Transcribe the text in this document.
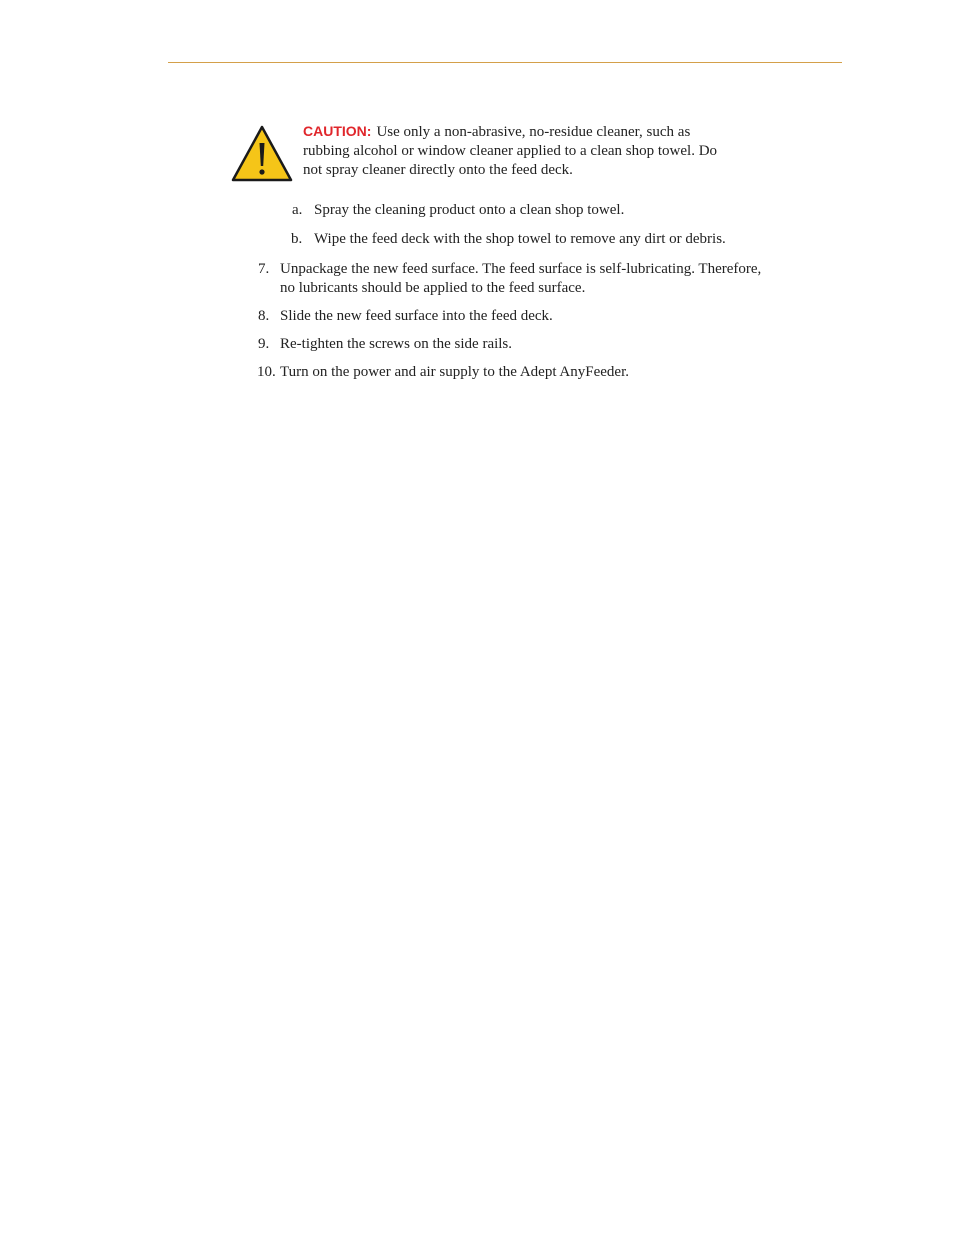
CAUTION: Use only a non-abrasive, no-residue cleaner, such as
rubbing alcohol or window cleaner applied to a clean shop towel. Do
not spray cleaner directly onto the feed deck.
a. Spray the cleaning product onto a clean shop towel.
b. Wipe the feed deck with the shop towel to remove any dirt or debris.
7. Unpackage the new feed surface. The feed surface is self-lubricating. Therefore,
no lubricants should be applied to the feed surface.
8. Slide the new feed surface into the feed deck.
9. Re-tighten the screws on the side rails.
10. Turn on the power and air supply to the Adept AnyFeeder.
